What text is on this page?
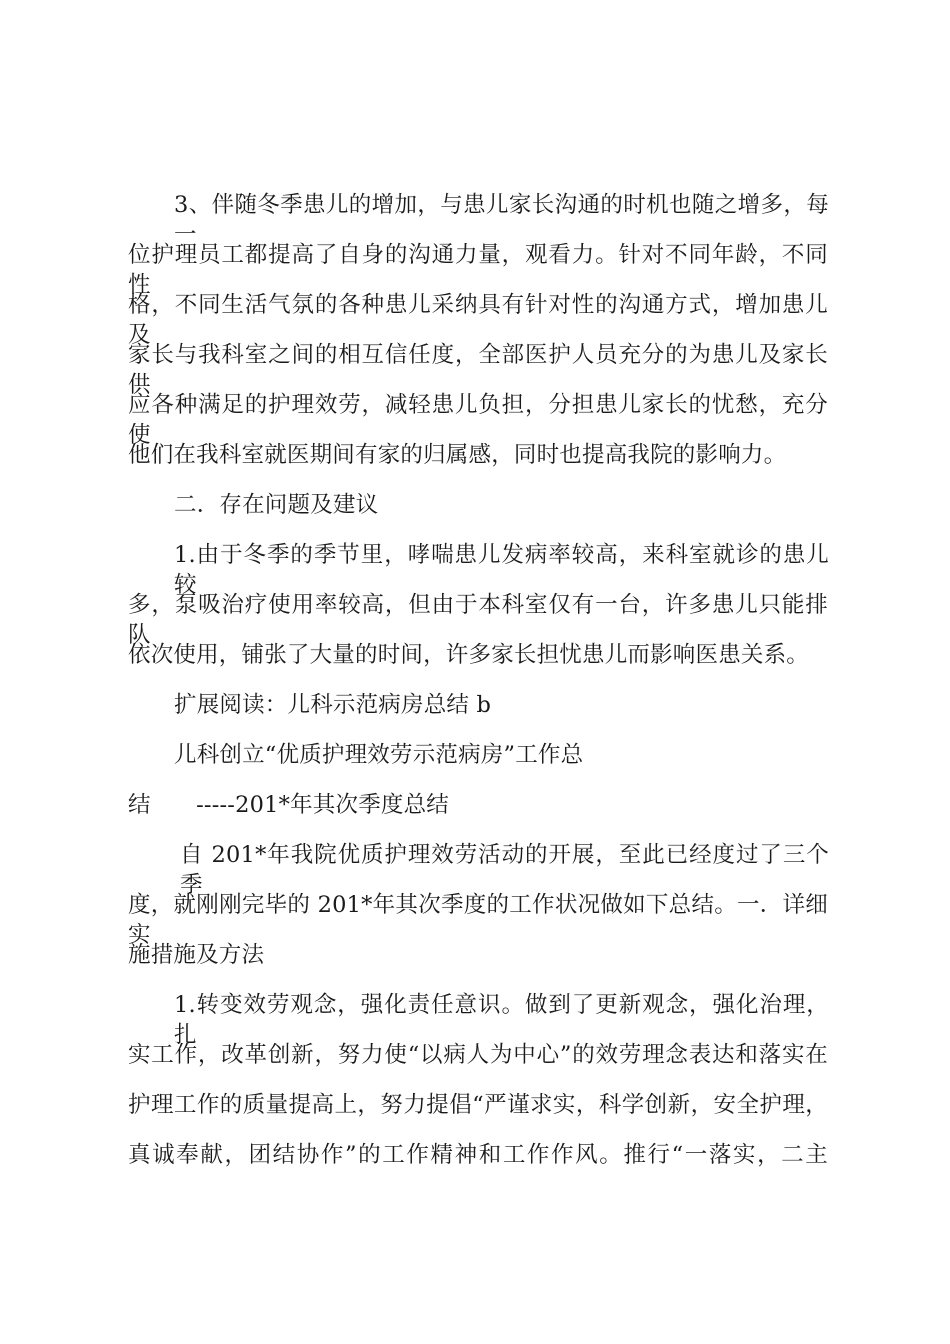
3、伴随冬季患儿的增加，与患儿家长沟通的时机也随之增多，每一
位护理员工都提高了自身的沟通力量，观看力。针对不同年龄，不同性
格，不同生活气氛的各种患儿采纳具有针对性的沟通方式，增加患儿及
家长与我科室之间的相互信任度，全部医护人员充分的为患儿及家长供
应各种满足的护理效劳，减轻患儿负担，分担患儿家长的忧愁，充分使
他们在我科室就医期间有家的归属感，同时也提高我院的影响力。
二．存在问题及建议
1.由于冬季的季节里，哮喘患儿发病率较高，来科室就诊的患儿较
多，泵吸治疗使用率较高，但由于本科室仅有一台，许多患儿只能排队
依次使用，铺张了大量的时间，许多家长担忧患儿而影响医患关系。
扩展阅读：儿科示范病房总结 b
儿科创立“优质护理效劳示范病房”工作总
结　　-----201*年其次季度总结
自 201*年我院优质护理效劳活动的开展，至此已经度过了三个季
度，就刚刚完毕的 201*年其次季度的工作状况做如下总结。一．详细实
施措施及方法
1.转变效劳观念，强化责任意识。做到了更新观念，强化治理，扎
实工作，改革创新，努力使“以病人为中心”的效劳理念表达和落实在
护理工作的质量提高上，努力提倡“严谨求实，科学创新，安全护理，
真诚奉献，团结协作”的工作精神和工作作风。推行“一落实，二主
